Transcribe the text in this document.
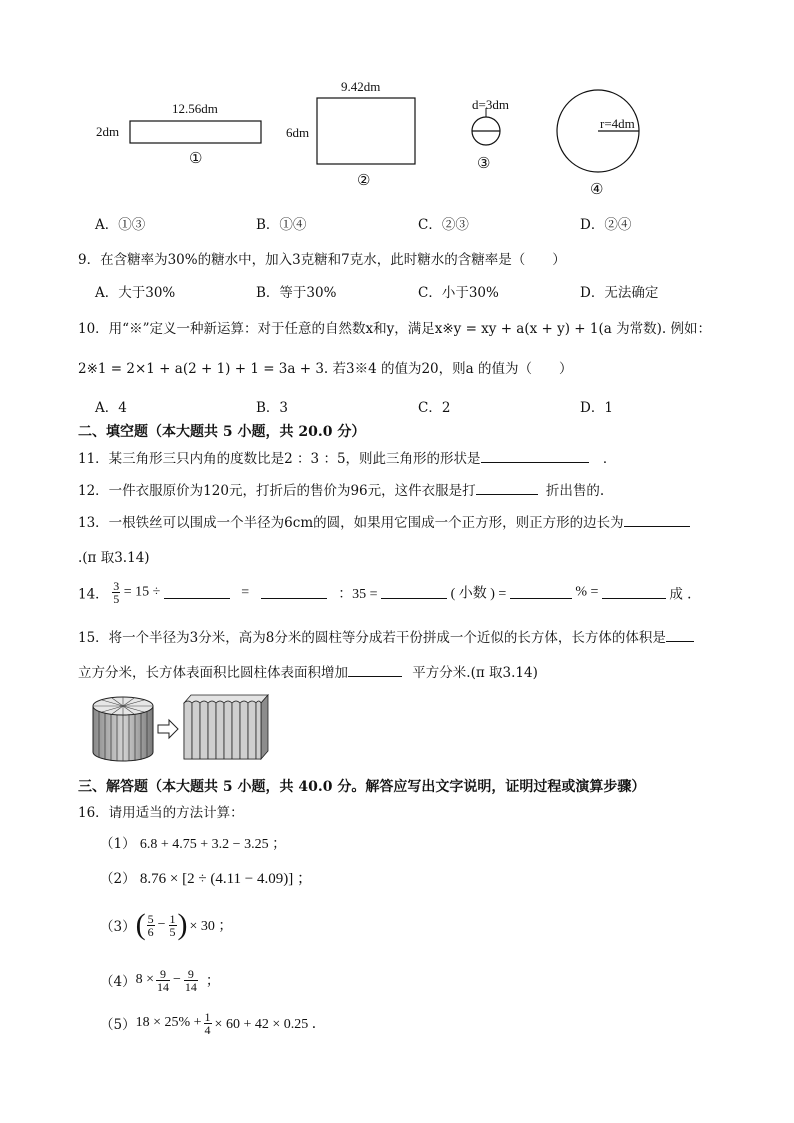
12.56dm
2dm
①
9.42dm
6dm
②
d=3dm
③
r=4dm
④
A．①③	B．①④	C．②③	D．②④
9．在含糖率为30%的糖水中，加入3克糖和7克水，此时糖水的含糖率是（　　）
A．大于30%	B．等于30%	C．小于30%	D．无法确定
10．用“※”定义一种新运算：对于任意的自然数x和y，满足x※y = xy + a(x + y) + 1(a 为常数). 例如：
2※1 = 2×1 + a(2 + 1) + 1 = 3a + 3. 若3※4 的值为20，则a 的值为（　　）
A．4	B．3	C．2	D．1
二、填空题（本大题共 5 小题，共 20.0 分）
11．某三角形三只内角的度数比是2 ：3 ：5，则此三角形的形状是	．
12．一件衣服原价为120元，打折后的售价为96元，这件衣服是打	折出售的.
13．一根铁丝可以围成一个半径为6cm的圆，如果用它围成一个正方形，则正方形的边长为
.(π 取3.14)
14． $\frac{3}{5} = 15$ ÷	=	：35 =	( 小数 ) =	% =	成 .
15．将一个半径为3分米，高为8分米的圆柱等分成若干份拼成一个近似的长方体，长方体的体积是
立方分米，长方体表面积比圆柱体表面积增加	平方分米.(π 取3.14)
三、解答题（本大题共 5 小题，共 40.0 分。解答应写出文字说明，证明过程或演算步骤）
16．请用适当的方法计算：
（1） 6.8 + 4.75 + 3.2 − 3.25 ；
（2） 8.76 × [2 ÷ (4.11 − 4.09)] ；
（3） ( $\frac{5}{6} - \frac{1}{5}$ ) × 30 ；
（4） $8 \times \frac{9}{14} - \frac{9}{14}$ ；
（5） $18 \times 25\% + \frac{1}{4} \times 60 + 42 \times 0.25$ ．
